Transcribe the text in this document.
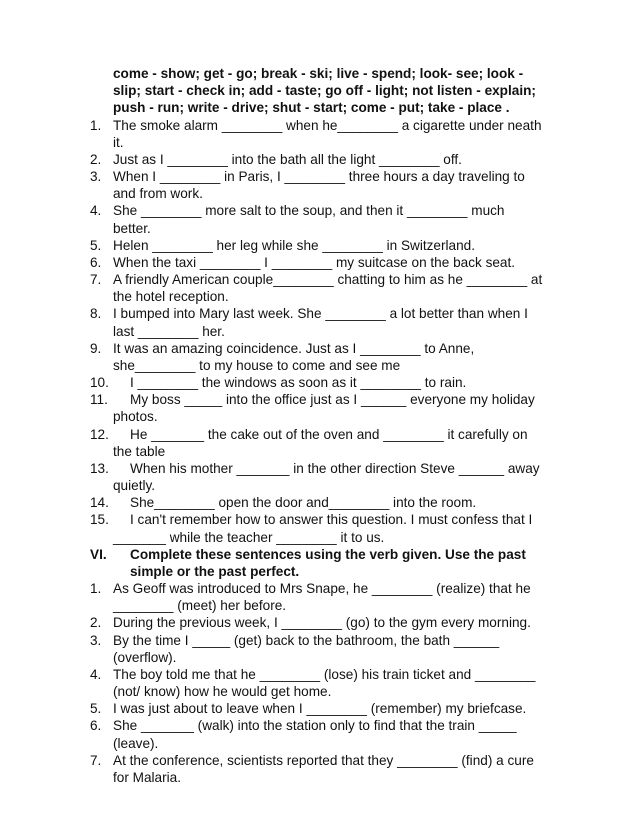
come - show; get - go; break - ski; live - spend; look- see; look -
slip; start - check in; add - taste; go off - light; not listen - explain;
push - run; write - drive; shut - start; come - put; take - place .
1. The smoke alarm ________ when he________ a cigarette under neath
it.
2. Just as I ________ into the bath all the light ________ off.
3. When I ________ in Paris, I ________ three hours a day traveling to
and from work.
4. She ________ more salt to the soup, and then it ________ much
better.
5. Helen ________ her leg while she ________ in Switzerland.
6. When the taxi ________ I ________ my suitcase on the back seat.
7. A friendly American couple________ chatting to him as he ________ at
the hotel reception.
8. I bumped into Mary last week. She ________ a lot better than when I
last ________ her.
9. It was an amazing coincidence. Just as I ________ to Anne,
she________ to my house to come and see me
10. I ________ the windows as soon as it ________ to rain.
11. My boss _____ into the office just as I ______ everyone my holiday
photos.
12. He _______ the cake out of the oven and ________ it carefully on
the table
13. When his mother _______ in the other direction Steve ______ away
quietly.
14. She________ open the door and________ into the room.
15. I can't remember how to answer this question. I must confess that I
_______ while the teacher ________ it to us.
VI. Complete these sentences using the verb given. Use the past
simple or the past perfect.
1. As Geoff was introduced to Mrs Snape, he ________ (realize) that he
________ (meet) her before.
2. During the previous week, I ________ (go) to the gym every morning.
3. By the time I _____ (get) back to the bathroom, the bath ______
(overflow).
4. The boy told me that he ________ (lose) his train ticket and ________
(not/ know) how he would get home.
5. I was just about to leave when I ________ (remember) my briefcase.
6. She _______ (walk) into the station only to find that the train _____
(leave).
7. At the conference, scientists reported that they ________ (find) a cure
for Malaria.
